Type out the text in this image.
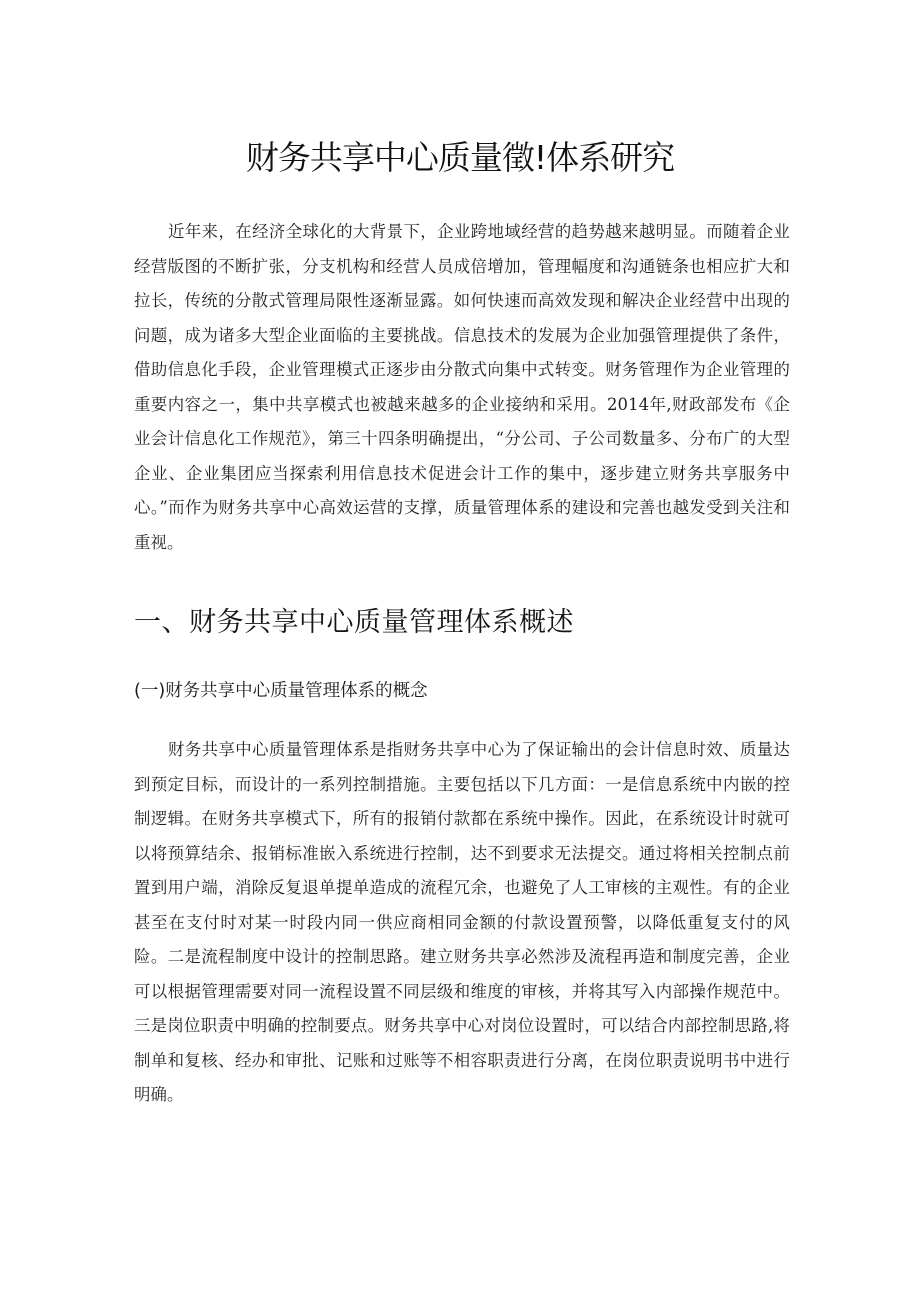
财务共享中心质量徵!体系研究

近年来，在经济全球化的大背景下，企业跨地域经营的趋势越来越明显。而随着企业经营版图的不断扩张，分支机构和经营人员成倍增加，管理幅度和沟通链条也相应扩大和拉长，传统的分散式管理局限性逐渐显露。如何快速而高效发现和解决企业经营中出现的问题，成为诸多大型企业面临的主要挑战。信息技术的发展为企业加强管理提供了条件，借助信息化手段，企业管理模式正逐步由分散式向集中式转变。财务管理作为企业管理的重要内容之一，集中共享模式也被越来越多的企业接纳和采用。2014年,财政部发布《企业会计信息化工作规范》，第三十四条明确提出，“分公司、子公司数量多、分布广的大型企业、企业集团应当探索利用信息技术促进会计工作的集中，逐步建立财务共享服务中心。”而作为财务共享中心高效运营的支撑，质量管理体系的建设和完善也越发受到关注和重视。

一、财务共享中心质量管理体系概述
(一)财务共享中心质量管理体系的概念

财务共享中心质量管理体系是指财务共享中心为了保证输出的会计信息时效、质量达到预定目标，而设计的一系列控制措施。主要包括以下几方面：一是信息系统中内嵌的控制逻辑。在财务共享模式下，所有的报销付款都在系统中操作。因此，在系统设计时就可以将预算结余、报销标准嵌入系统进行控制，达不到要求无法提交。通过将相关控制点前置到用户端，消除反复退单提单造成的流程冗余，也避免了人工审核的主观性。有的企业甚至在支付时对某一时段内同一供应商相同金额的付款设置预警，以降低重复支付的风险。二是流程制度中设计的控制思路。建立财务共享必然涉及流程再造和制度完善，企业可以根据管理需要对同一流程设置不同层级和维度的审核，并将其写入内部操作规范中。三是岗位职责中明确的控制要点。财务共享中心对岗位设置时，可以结合内部控制思路,将制单和复核、经办和审批、记账和过账等不相容职责进行分离，在岗位职责说明书中进行明确。
